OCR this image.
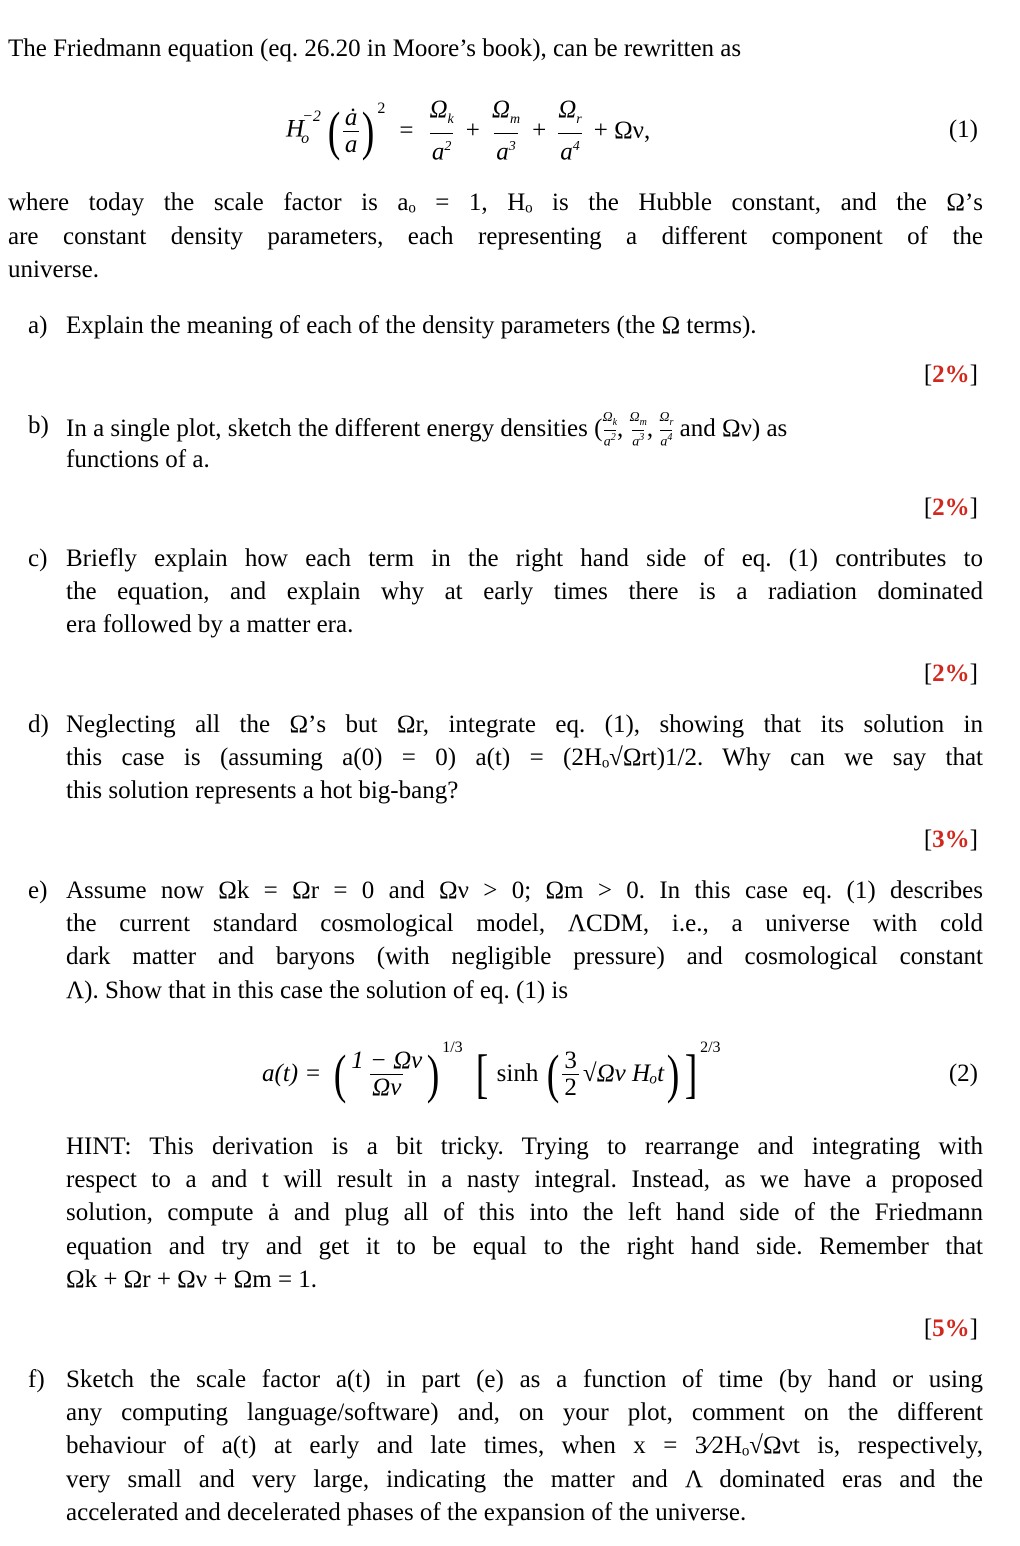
The Friedmann equation (eq. 26.20 in Moore’s book), can be rewritten as
$H_o^{-2}$ ( $\frac{ȧ}{a} )^2$
= $\frac{\Omega_k}{a^2} + \frac{\Omega_m}{a^3} + \frac{\Omega_r}{a^4} + \Omega\nu$,	(1)
where today the scale factor is aₒ = 1, Hₒ is the Hubble constant, and the Ω’s
are constant density parameters, each representing a different component of the
universe.
a) Explain the meaning of each of the density parameters (the Ω terms).
[2%]
b) In a single plot, sketch the different energy densities ( $\frac{\Omega_k}{a^2}$ , $\frac{\Omega_m}{a^3}$ , $\frac{\Omega_r}{a^4}$ and Ων) as
functions of a.
[2%]
c) Briefly explain how each term in the right hand side of eq. (1) contributes to
the equation, and explain why at early times there is a radiation dominated
era followed by a matter era.
[2%]
d) Neglecting all the Ω’s but Ωr, integrate eq. (1), showing that its solution in
this case is (assuming a(0) = 0) a(t) = (2Hₒ√Ωrt)1/2. Why can we say that
this solution represents a hot big-bang?
[3%]
e) Assume now Ωk = Ωr = 0 and Ων > 0; Ωm > 0. In this case eq. (1) describes
the current standard cosmological model, ΛCDM, i.e., a universe with cold
dark matter and baryons (with negligible pressure) and cosmological constant
Λ). Show that in this case the solution of eq. (1) is
a(t) = ( $\frac{1 - \Omega\nu}{\Omega\nu} )^{1/3}$ [ sinh ( $\frac{3}{2} √\Omega\nu$ Hₒt ) ]$^{2/3}$
(2)
HINT: This derivation is a bit tricky. Trying to rearrange and integrating with
respect to a and t will result in a nasty integral. Instead, as we have a proposed
solution, compute ȧ and plug all of this into the left hand side of the Friedmann
equation and try and get it to be equal to the right hand side. Remember that
Ωk + Ωr + Ων + Ωm = 1.
[5%]
f) Sketch the scale factor a(t) in part (e) as a function of time (by hand or using
any computing language/software) and, on your plot, comment on the different
behaviour of a(t) at early and late times, when x = 3⁄2Hₒ√Ωνt is, respectively,
very small and very large, indicating the matter and Λ dominated eras and the
accelerated and decelerated phases of the expansion of the universe.
